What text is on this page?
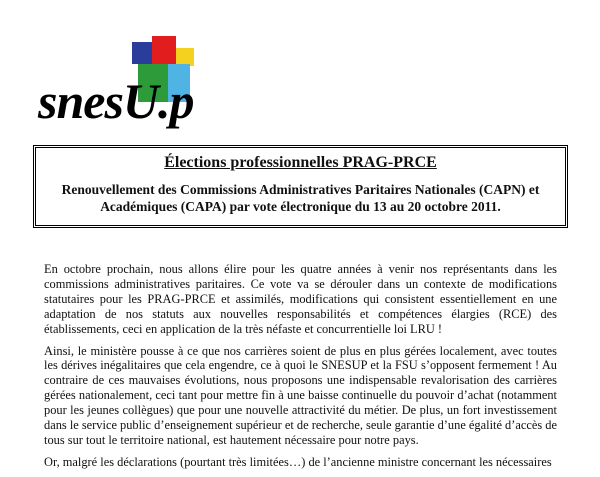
snesU.p
Élections professionnelles PRAG-PRCE
Renouvellement des Commissions Administratives Paritaires Nationales (CAPN) et Académiques (CAPA) par vote électronique du 13 au 20 octobre 2011.

En octobre prochain, nous allons élire pour les quatre années à venir nos représentants dans les commissions administratives paritaires. Ce vote va se dérouler dans un contexte de modifications statutaires pour les PRAG-PRCE et assimilés, modifications qui consistent essentiellement en une adaptation de nos statuts aux nouvelles responsabilités et compétences élargies (RCE) des établissements, ceci en application de la très néfaste et concurrentielle loi LRU !

Ainsi, le ministère pousse à ce que nos carrières soient de plus en plus gérées localement, avec toutes les dérives inégalitaires que cela engendre, ce à quoi le SNESUP et la FSU s’opposent fermement ! Au contraire de ces mauvaises évolutions, nous proposons une indispensable revalorisation des carrières gérées nationalement, ceci tant pour mettre fin à une baisse continuelle du pouvoir d’achat (notamment pour les jeunes collègues) que pour une nouvelle attractivité du métier. De plus, un fort investissement dans le service public d’enseignement supérieur et de recherche, seule garantie d’une égalité d’accès de tous sur tout le territoire national, est hautement nécessaire pour notre pays.

Or, malgré les déclarations (pourtant très limitées…) de l’ancienne ministre concernant les nécessaires
